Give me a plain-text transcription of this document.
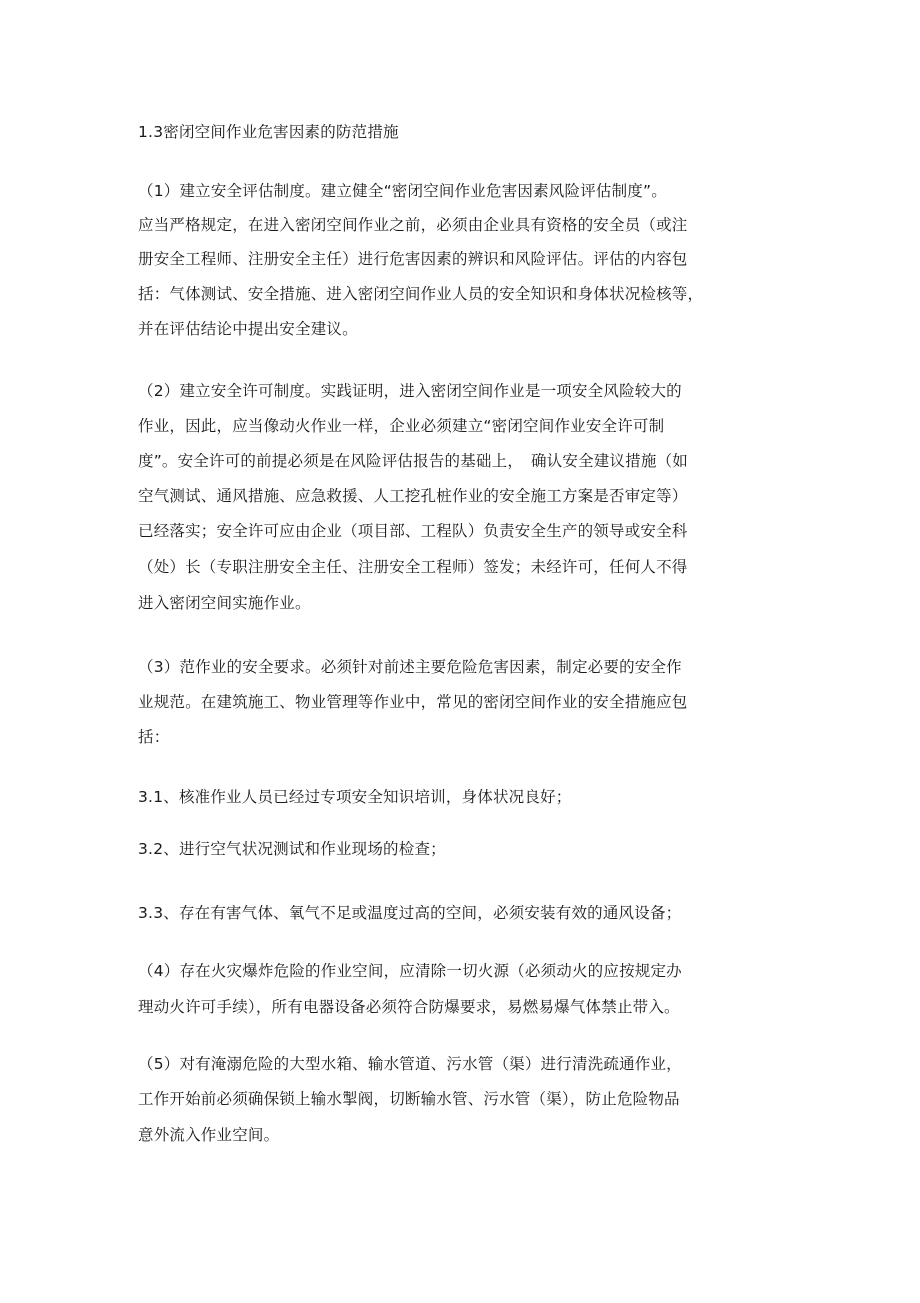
1.3密闭空间作业危害因素的防范措施
（1）建立安全评估制度。建立健全“密闭空间作业危害因素风险评估制度”。
应当严格规定，在进入密闭空间作业之前，必须由企业具有资格的安全员（或注
册安全工程师、注册安全主任）进行危害因素的辨识和风险评估。评估的内容包
括：气体测试、安全措施、进入密闭空间作业人员的安全知识和身体状况检核等，
并在评估结论中提出安全建议。
（2）建立安全许可制度。实践证明，进入密闭空间作业是一项安全风险较大的
作业，因此，应当像动火作业一样，企业必须建立“密闭空间作业安全许可制
度”。安全许可的前提必须是在风险评估报告的基础上，　确认安全建议措施（如
空气测试、通风措施、应急救援、人工挖孔桩作业的安全施工方案是否审定等）
已经落实；安全许可应由企业（项目部、工程队）负责安全生产的领导或安全科
（处）长（专职注册安全主任、注册安全工程师）签发；未经许可，任何人不得
进入密闭空间实施作业。
（3）范作业的安全要求。必须针对前述主要危险危害因素，制定必要的安全作
业规范。在建筑施工、物业管理等作业中，常见的密闭空间作业的安全措施应包
括：
3.1、核准作业人员已经过专项安全知识培训，身体状况良好；
3.2、进行空气状况测试和作业现场的检查；
3.3、存在有害气体、氧气不足或温度过高的空间，必须安装有效的通风设备；
（4）存在火灾爆炸危险的作业空间，应清除一切火源（必须动火的应按规定办
理动火许可手续），所有电器设备必须符合防爆要求，易燃易爆气体禁止带入。
（5）对有淹溺危险的大型水箱、输水管道、污水管（渠）进行清洗疏通作业，
工作开始前必须确保锁上输水掣阀，切断输水管、污水管（渠），防止危险物品
意外流入作业空间。
